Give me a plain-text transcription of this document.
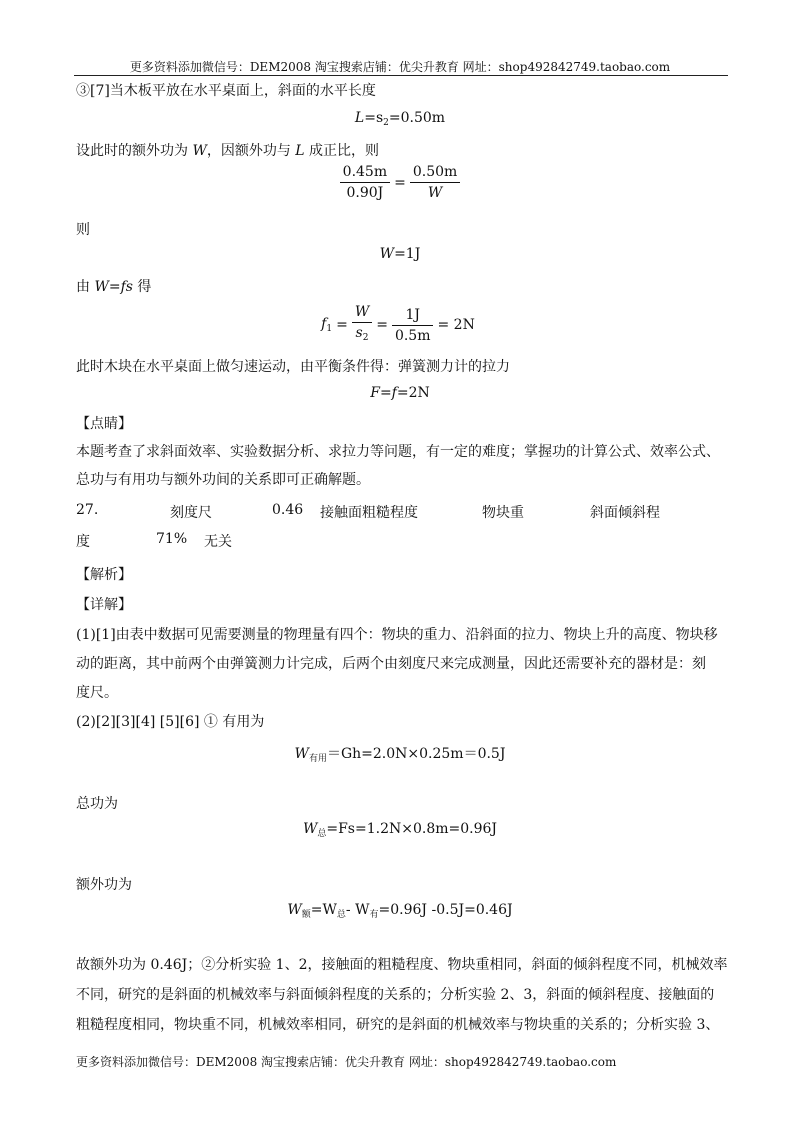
更多资料添加微信号：DEM2008 淘宝搜索店铺：优尖升教育 网址：shop492842749.taobao.com
③[7]当木板平放在水平桌面上，斜面的水平长度
$L=s_2=0.50m$
设此时的额外功为 W，因额外功与 L 成正比，则
$\frac{0.45m}{0.90J} = \frac{0.50m}{W}$
则
W=1J
由 W=fs 得
$f_1 = \frac{W}{s_2} = \frac{1J}{0.5m} = 2N$
此时木块在水平桌面上做匀速运动，由平衡条件得：弹簧测力计的拉力
F=f=2N
【点睛】
本题考查了求斜面效率、实验数据分析、求拉力等问题，有一定的难度；掌握功的计算公式、效率公式、
总功与有用功与额外功间的关系即可正确解题。
27.	刻度尺	0.46 接触面粗糙程度	物块重	斜面倾斜程
度	71% 无关
【解析】
【详解】
(1)[1]由表中数据可见需要测量的物理量有四个：物块的重力、沿斜面的拉力、物块上升的高度、物块移
动的距离，其中前两个由弹簧测力计完成，后两个由刻度尺来完成测量，因此还需要补充的器材是：刻
度尺。
(2)[2][3][4] [5][6] ① 有用为
$W_{有用}=Gh=2.0N\times 0.25m=0.5J$
总功为
$W_总=Fs=1.2N\times 0.8m=0.96J$
额外功为
$W_额=W_总-$ $W_有=0.96J$ -0.5J=0.46J
故额外功为 0.46J；②分析实验 1、2，接触面的粗糙程度、物块重相同，斜面的倾斜程度不同，机械效率
不同，研究的是斜面的机械效率与斜面倾斜程度的关系的；分析实验 2、3，斜面的倾斜程度、接触面的
粗糙程度相同，物块重不同，机械效率相同，研究的是斜面的机械效率与物块重的关系的；分析实验 3、
更多资料添加微信号：DEM2008 淘宝搜索店铺：优尖升教育 网址：shop492842749.taobao.com
